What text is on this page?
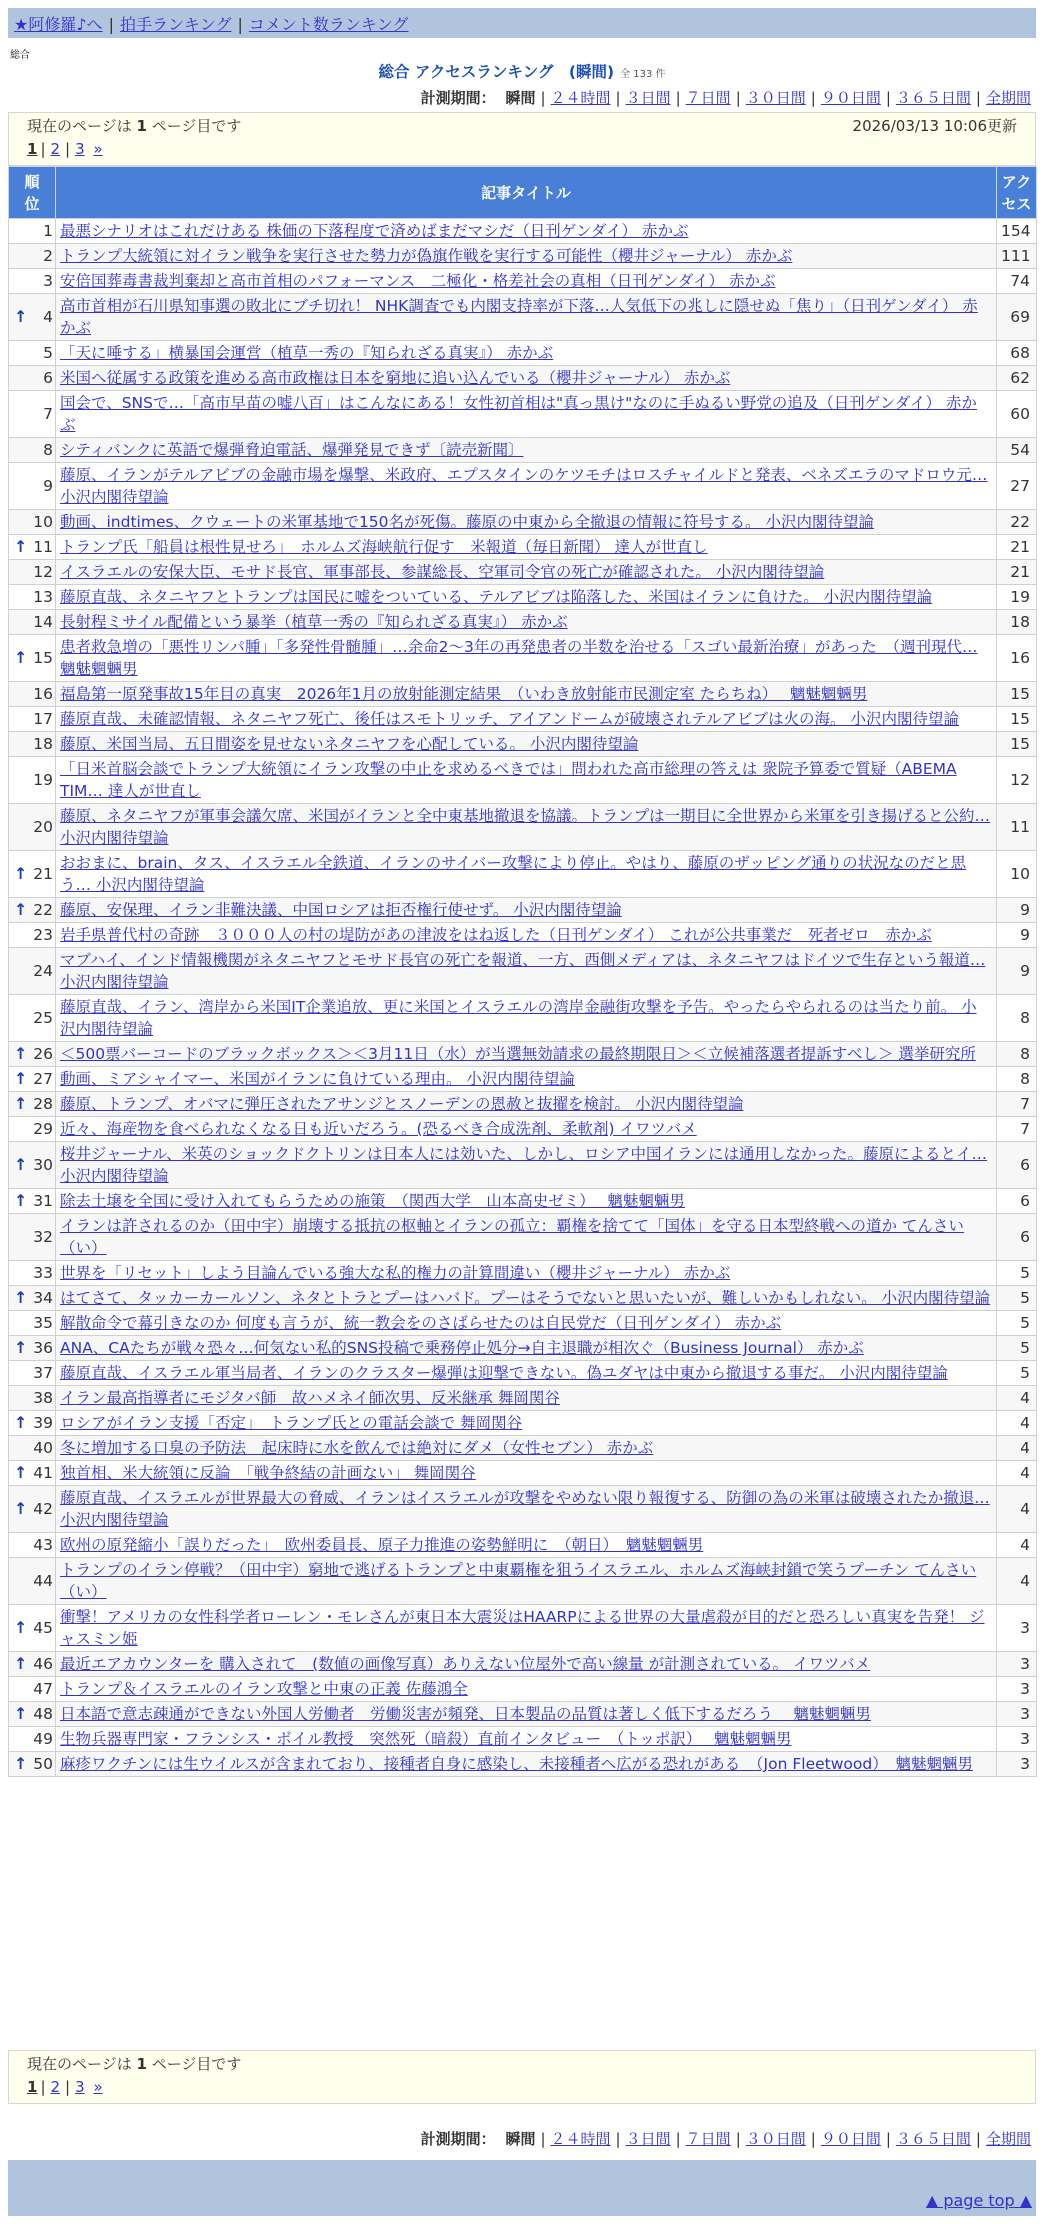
★阿修羅♪へ | 拍手ランキング | コメント数ランキング
総合
総合 アクセスランキング　(瞬間) 全 133 件
計測期間： 瞬間 | ２４時間 | ３日間 | ７日間 | ３０日間 | ９０日間 | ３６５日間 | 全期間
現在のページは 1 ページ目です	2026/03/13 10:06更新
1 | 2 | 3 »
順位	記事タイトル	アクセス
1	最悪シナリオはこれだけある 株価の下落程度で済めばまだマシだ（日刊ゲンダイ） 赤かぶ	154
2	トランプ大統領に対イラン戦争を実行させた勢力が偽旗作戦を実行する可能性（櫻井ジャーナル） 赤かぶ	111
3	安倍国葬毒書裁判棄却と高市首相のパフォーマンス　二極化・格差社会の真相（日刊ゲンダイ） 赤かぶ	74

↑ 4	高市首相が石川県知事選の敗北にブチ切れ！ NHK調査でも内閣支持率が下落…人気低下の兆しに隠せぬ「焦り」（日刊ゲンダイ） 赤かぶ	69
5	「天に唾する」横暴国会運営（植草一秀の『知られざる真実』） 赤かぶ	68
6	米国へ従属する政策を進める高市政権は日本を窮地に追い込んでいる（櫻井ジャーナル） 赤かぶ	62
7	国会で、SNSで…「高市早苗の嘘八百」はこんなにある！女性初首相は"真っ黒け"なのに手ぬるい野党の追及（日刊ゲンダイ） 赤かぶ	60
8	シティバンクに英語で爆弾脅迫電話、爆弾発見できず〔読売新聞〕	54
9	藤原、イランがテルアビブの金融市場を爆撃、米政府、エプスタインのケツモチはロスチャイルドと発表、ベネズエラのマドロウ元… 小沢内閣待望論	27
10	動画、indtimes、クウェートの米軍基地で150名が死傷。藤原の中東から全撤退の情報に符号する。 小沢内閣待望論	22

↑ 11	トランプ氏「船員は根性見せろ」　ホルムズ海峡航行促す　米報道（毎日新聞） 達人が世直し	21
12	イスラエルの安保大臣、モサド長官、軍事部長、参謀総長、空軍司令官の死亡が確認された。 小沢内閣待望論	21
13	藤原直哉、ネタニヤフとトランプは国民に嘘をついている、テルアビブは陥落した、米国はイランに負けた。 小沢内閣待望論	19
14	長射程ミサイル配備という暴挙（植草一秀の『知られざる真実』） 赤かぶ	18

↑ 15	患者救急増の「悪性リンパ腫」「多発性骨髄腫」…余命2～3年の再発患者の半数を治せる「スゴい最新治療」があった　（週刊現代… 魑魅魍魎男	16
16	福島第一原発事故15年目の真実　2026年1月の放射能測定結果　（いわき放射能市民測定室 たらちね）　 魑魅魍魎男	15
17	藤原直哉、未確認情報、ネタニヤフ死亡、後任はスモトリッチ、アイアンドームが破壊されテルアビブは火の海。 小沢内閣待望論	15
18	藤原、米国当局、五日間姿を見せないネタニヤフを心配している。 小沢内閣待望論	15
19	「日米首脳会談でトランプ大統領にイラン攻撃の中止を求めるべきでは」問われた高市総理の答えは 衆院予算委で質疑（ABEMA TIM… 達人が世直し	12
20	藤原、ネタニヤフが軍事会議欠席、米国がイランと全中東基地撤退を協議。トランプは一期目に全世界から米軍を引き揚げると公約… 小沢内閣待望論	11

↑ 21	おおまに、brain、タス、イスラエル全鉄道、イランのサイバー攻撃により停止。やはり、藤原のザッピング通りの状況なのだと思う… 小沢内閣待望論	10

↑ 22	藤原、安保理、イラン非難決議、中国ロシアは拒否権行使せず。 小沢内閣待望論	9
23	岩手県普代村の奇跡　３０００人の村の堤防があの津波をはね返した（日刊ゲンダイ） これが公共事業だ　死者ゼロ　赤かぶ	9
24	マブハイ、インド情報機関がネタニヤフとモサド長官の死亡を報道、一方、西側メディアは、ネタニヤフはドイツで生存という報道… 小沢内閣待望論	9
25	藤原直哉、イラン、湾岸から米国IT企業追放、更に米国とイスラエルの湾岸金融街攻撃を予告。やったらやられるのは当たり前。 小沢内閣待望論	8

↑ 26	＜500票バーコードのブラックボックス＞＜3月11日（水）が当選無効請求の最終期限日＞＜立候補落選者提訴すべし＞ 選挙研究所	8

↑ 27	動画、ミアシャイマー、米国がイランに負けている理由。 小沢内閣待望論	8

↑ 28	藤原、トランプ、オバマに弾圧されたアサンジとスノーデンの恩赦と抜擢を検討。 小沢内閣待望論	7
29	近々、海産物を食べられなくなる日も近いだろう。(恐るべき合成洗剤、柔軟剤) イワツバメ	7

↑ 30	桜井ジャーナル、米英のショックドクトリンは日本人には効いた、しかし、ロシア中国イランには通用しなかった。藤原によるとイ… 小沢内閣待望論	6

↑ 31	除去土壌を全国に受け入れてもらうための施策　（関西大学　山本高史ゼミ）　 魑魅魍魎男	6
32	イランは許されるのか（田中宇）崩壊する抵抗の枢軸とイランの孤立：覇権を捨てて「国体」を守る日本型終戦への道か てんさい（い）	6
33	世界を「リセット」しよう目論んでいる強大な私的権力の計算間違い（櫻井ジャーナル） 赤かぶ	5

↑ 34	はてさて、タッカーカールソン、ネタとトラとプーはハバド。プーはそうでないと思いたいが、難しいかもしれない。 小沢内閣待望論	5
35	解散命令で幕引きなのか 何度も言うが、統一教会をのさばらせたのは自民党だ（日刊ゲンダイ） 赤かぶ	5

↑ 36	ANA、CAたちが戦々恐々…何気ない私的SNS投稿で乗務停止処分→自主退職が相次ぐ（Business Journal） 赤かぶ	5
37	藤原直哉、イスラエル軍当局者、イランのクラスター爆弾は迎撃できない。偽ユダヤは中東から撤退する事だ。 小沢内閣待望論	5
38	イラン最高指導者にモジタバ師　故ハメネイ師次男、反米継承 舞岡関谷	4

↑ 39	ロシアがイラン支援「否定」　トランプ氏との電話会談で 舞岡関谷	4
40	冬に増加する口臭の予防法　起床時に水を飲んでは絶対にダメ（女性セブン） 赤かぶ	4

↑ 41	独首相、米大統領に反論　「戦争終結の計画ない」 舞岡関谷	4

↑ 42	藤原直哉、イスラエルが世界最大の脅威、イランはイスラエルが攻撃をやめない限り報復する、防御の為の米軍は破壊されたか撤退… 小沢内閣待望論	4
43	欧州の原発縮小「誤りだった」　欧州委員長、原子力推進の姿勢鮮明に　（朝日）　魑魅魍魎男	4
44	トランプのイラン停戦？（田中宇）窮地で逃げるトランプと中東覇権を狙うイスラエル、ホルムズ海峡封鎖で笑うプーチン てんさい（い）	4

↑ 45	衝撃！アメリカの女性科学者ローレン・モレさんが東日本大震災はHAARPによる世界の大量虐殺が目的だと恐ろしい真実を告発！ ジャスミン姫	3

↑ 46	最近エアカウンターを 購入されて　(数値の画像写真）ありえない位屋外で高い線量 が計測されている。 イワツバメ	3
47	トランプ＆イスラエルのイラン攻撃と中東の正義 佐藤鴻全	3

↑ 48	日本語で意志疎通ができない外国人労働者　労働災害が頻発、日本製品の品質は著しく低下するだろう　 魑魅魍魎男	3
49	生物兵器専門家・フランシス・ボイル教授　突然死（暗殺）直前インタビュー　（トッポ訳）　 魑魅魍魎男	3

↑ 50	麻疹ワクチンには生ウイルスが含まれており、接種者自身に感染し、未接種者へ広がる恐れがある　（Jon Fleetwood）　魑魅魍魎男	3
現在のページは 1 ページ目です
1 | 2 | 3 »
計測期間： 瞬間 | ２４時間 | ３日間 | ７日間 | ３０日間 | ９０日間 | ３６５日間 | 全期間
▲ page top ▲
